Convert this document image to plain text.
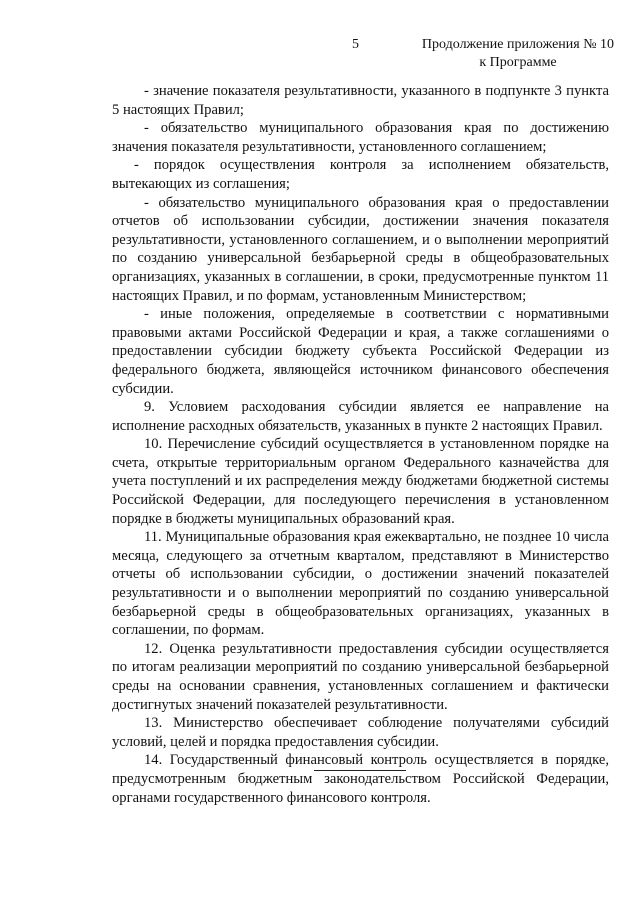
5	Продолжение приложения № 10
к Программе

- значение показателя результативности, указанного в подпункте 3 пункта 5 настоящих Правил;

- обязательство муниципального образования края по достижению значения показателя результативности, установленного соглашением;

- порядок осуществления контроля за исполнением обязательств, вытекающих из соглашения;

- обязательство муниципального образования края о предоставлении отчетов об использовании субсидии, достижении значения показателя результативности, установленного соглашением, и о выполнении мероприятий по созданию универсальной безбарьерной среды в общеобразовательных организациях, указанных в соглашении, в сроки, предусмотренные пунктом 11 настоящих Правил, и по формам, установленным Министерством;

- иные положения, определяемые в соответствии с нормативными правовыми актами Российской Федерации и края, а также соглашениями о предоставлении субсидии бюджету субъекта Российской Федерации из федерального бюджета, являющейся источником финансового обеспечения субсидии.

9. Условием расходования субсидии является ее направление на исполнение расходных обязательств, указанных в пункте 2 настоящих Правил.

10. Перечисление субсидий осуществляется в установленном порядке на счета, открытые территориальным органом Федерального казначейства для учета поступлений и их распределения между бюджетами бюджетной системы Российской Федерации, для последующего перечисления в установленном порядке в бюджеты муниципальных образований края.

11. Муниципальные образования края ежеквартально, не позднее 10 числа месяца, следующего за отчетным кварталом, представляют в Министерство отчеты об использовании субсидии, о достижении значений показателей результативности и о выполнении мероприятий по созданию универсальной безбарьерной среды в общеобразовательных организациях, указанных в соглашении, по формам.

12. Оценка результативности предоставления субсидии осуществляется по итогам реализации мероприятий по созданию универсальной безбарьерной среды на основании сравнения, установленных соглашением и фактически достигнутых значений показателей результативности.

13. Министерство обеспечивает соблюдение получателями субсидий условий, целей и порядка предоставления субсидии.

14. Государственный финансовый контроль осуществляется в порядке, предусмотренным бюджетным законодательством Российской Федерации, органами государственного финансового контроля.
